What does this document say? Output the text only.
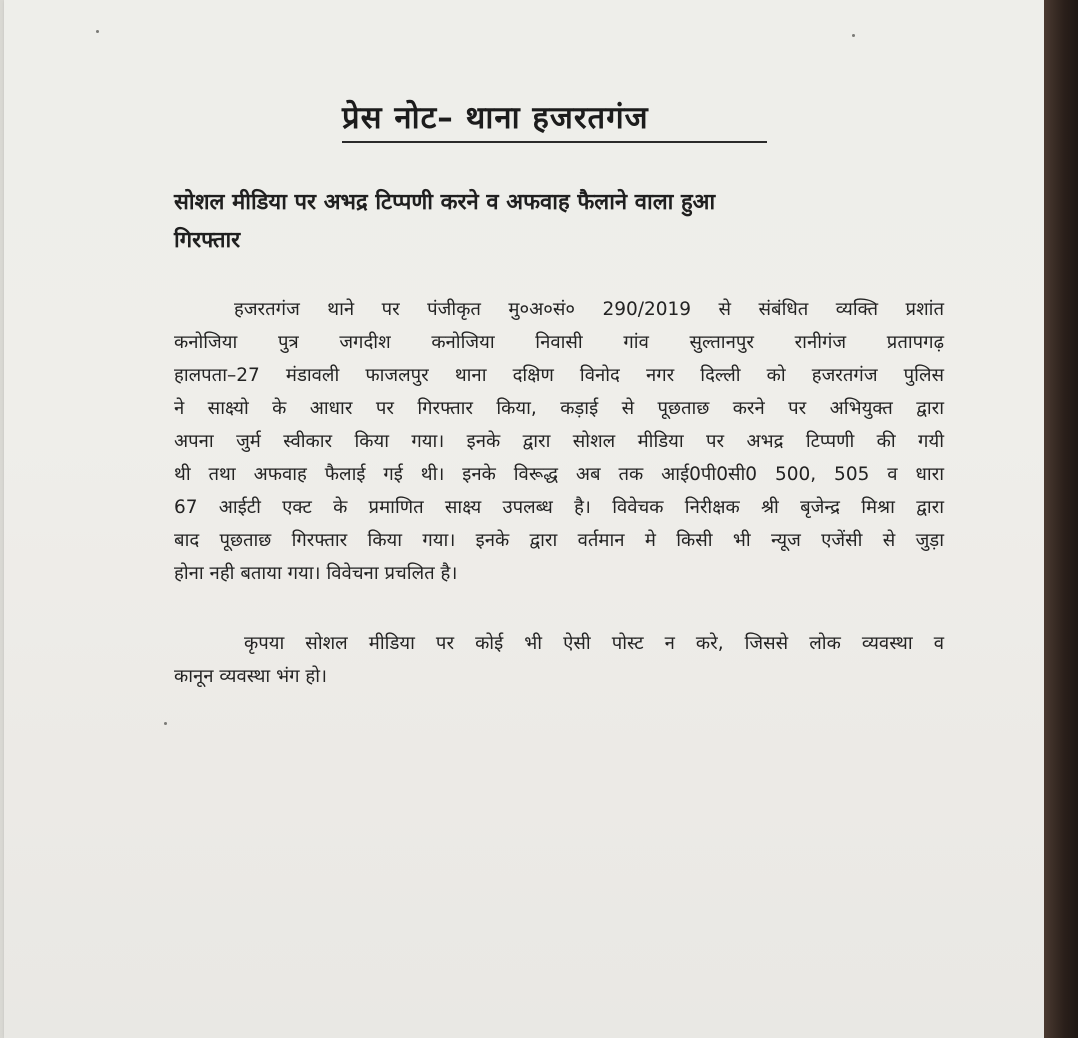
प्रेस नोट– थाना हजरतगंज
सोशल मीडिया पर अभद्र टिप्पणी करने व अफवाह फैलाने वाला हुआ
गिरफ्तार
हजरतगंज थाने पर पंजीकृत मु०अ०सं० 290/2019 से संबंधित व्यक्ति प्रशांत
कनोजिया पुत्र जगदीश कनोजिया निवासी गांव सुल्तानपुर रानीगंज प्रतापगढ़
हालपता–27 मंडावली फाजलपुर थाना दक्षिण विनोद नगर दिल्ली को हजरतगंज पुलिस
ने साक्ष्यो के आधार पर गिरफ्तार किया, कड़ाई से पूछताछ करने पर अभियुक्त द्वारा
अपना जुर्म स्वीकार किया गया। इनके द्वारा सोशल मीडिया पर अभद्र टिप्पणी की गयी
थी तथा अफवाह फैलाई गई थी। इनके विरूद्ध अब तक आई0पी0सी0 500, 505 व धारा
67 आईटी एक्ट के प्रमाणित साक्ष्य उपलब्ध है। विवेचक निरीक्षक श्री बृजेन्द्र मिश्रा द्वारा
बाद पूछताछ गिरफ्तार किया गया। इनके द्वारा वर्तमान मे किसी भी न्यूज एजेंसी से जुड़ा
होना नही बताया गया। विवेचना प्रचलित है।
कृपया सोशल मीडिया पर कोई भी ऐसी पोस्ट न करे, जिससे लोक व्यवस्था व
कानून व्यवस्था भंग हो।
